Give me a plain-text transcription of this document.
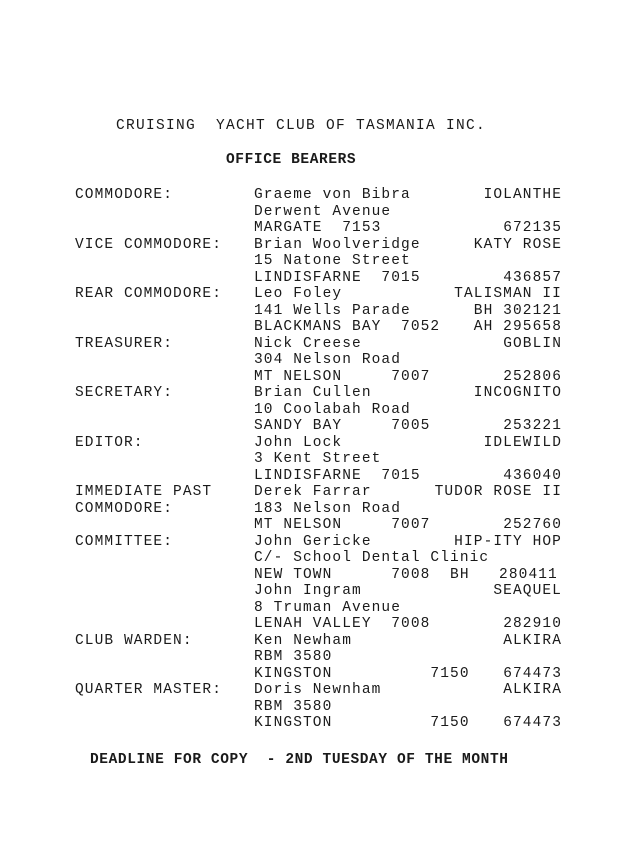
CRUISING  YACHT CLUB OF TASMANIA INC.
OFFICE BEARERS
COMMODORE:	Graeme von Bibra	IOLANTHE
Derwent Avenue
MARGATE  7153	672135
VICE COMMODORE: Brian Woolveridge	KATY ROSE
15 Natone Street
LINDISFARNE  7015	436857
REAR COMMODORE: Leo Foley	TALISMAN II
141 Wells Parade	BH 302121
BLACKMANS BAY  7052 AH 295658
TREASURER:	Nick Creese	GOBLIN
304 Nelson Road
MT NELSON     7007	252806
SECRETARY:	Brian Cullen	INCOGNITO
10 Coolabah Road
SANDY BAY     7005	253221
EDITOR:	John Lock	IDLEWILD
3 Kent Street
LINDISFARNE  7015	436040
IMMEDIATE PAST
COMMODORE:
Derek Farrar	TUDOR ROSE II
183 Nelson Road
MT NELSON     7007	252760
COMMITTEE:	John Gericke	HIP-ITY HOP
C/- School Dental Clinic
NEW TOWN      7008  BH   280411
John Ingram	SEAQUEL
8 Truman Avenue
LENAH VALLEY  7008	282910
CLUB WARDEN:	Ken Newham	ALKIRA
RBM 3580
KINGSTON          7150 674473
QUARTER MASTER: Doris Newnham	ALKIRA
RBM 3580
KINGSTON          7150 674473
DEADLINE FOR COPY  - 2ND TUESDAY OF THE MONTH
